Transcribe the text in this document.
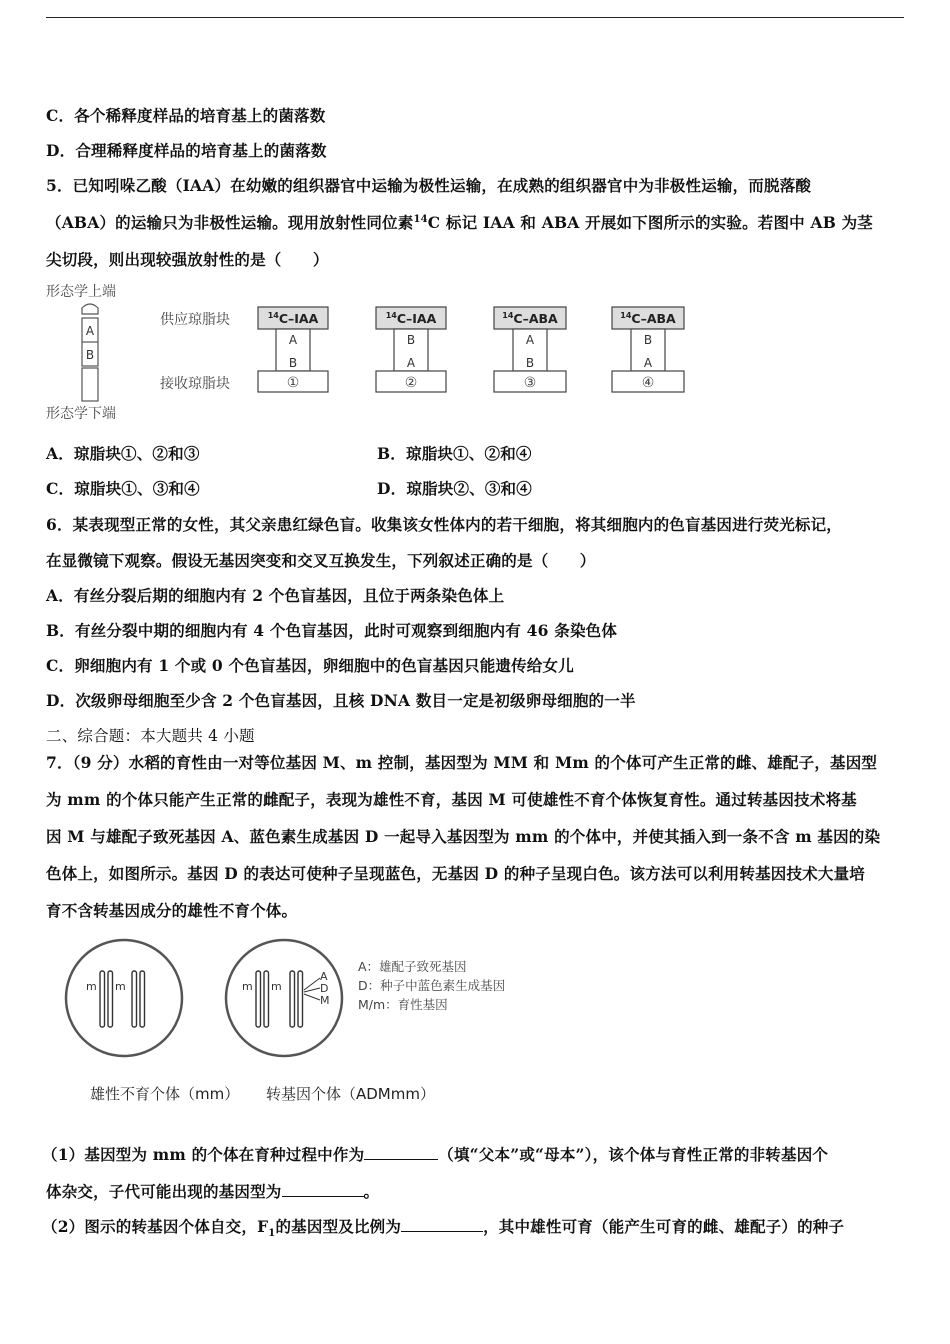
C．各个稀释度样品的培育基上的菌落数
D．合理稀释度样品的培育基上的菌落数
5．已知吲哚乙酸（IAA）在幼嫩的组织器官中运输为极性运输，在成熟的组织器官中为非极性运输，而脱落酸
（ABA）的运输只为非极性运输。现用放射性同位素$^{14}$C 标记 IAA 和 ABA 开展如下图所示的实验。若图中 AB 为茎
尖切段，则出现较强放射性的是（　　）
形态学上端
形态学下端
供应琼脂块
接收琼脂块
A
B
$^{14}$C–IAA
A
B
①
$^{14}$C–IAA
B
A
②
$^{14}$C–ABA
A
B
③
$^{14}$C–ABA
B
A
④
A．琼脂块①、②和③	B．琼脂块①、②和④
C．琼脂块①、③和④	D．琼脂块②、③和④
6．某表现型正常的女性，其父亲患红绿色盲。收集该女性体内的若干细胞，将其细胞内的色盲基因进行荧光标记，
在显微镜下观察。假设无基因突变和交叉互换发生，下列叙述正确的是（　　）
A．有丝分裂后期的细胞内有 2 个色盲基因，且位于两条染色体上
B．有丝分裂中期的细胞内有 4 个色盲基因，此时可观察到细胞内有 46 条染色体
C．卵细胞内有 1 个或 0 个色盲基因，卵细胞中的色盲基因只能遗传给女儿
D．次级卵母细胞至少含 2 个色盲基因，且核 DNA 数目一定是初级卵母细胞的一半
二、综合题：本大题共 4 小题
7．（9 分）水稻的育性由一对等位基因 M、m 控制，基因型为 MM 和 Mm 的个体可产生正常的雌、雄配子，基因型
为 mm 的个体只能产生正常的雌配子，表现为雄性不育，基因 M 可使雄性不育个体恢复育性。通过转基因技术将基
因 M 与雄配子致死基因 A、蓝色素生成基因 D 一起导入基因型为 mm 的个体中，并使其插入到一条不含 m 基因的染
色体上，如图所示。基因 D 的表达可使种子呈现蓝色，无基因 D 的种子呈现白色。该方法可以利用转基因技术大量培
育不含转基因成分的雄性不育个体。
m m	m m
A
D
M
A：雄配子致死基因
D：种子中蓝色素生成基因
M/m：育性基因
雄性不育个体（mm） 转基因个体（ADMmm）
（1）基因型为 mm 的个体在育种过程中作为	（填“父本”或“母本”），该个体与育性正常的非转基因个
体杂交，子代可能出现的基因型为	。
（2）图示的转基因个体自交，$F_1$的基因型及比例为	，其中雄性可育（能产生可育的雌、雄配子）的种子
